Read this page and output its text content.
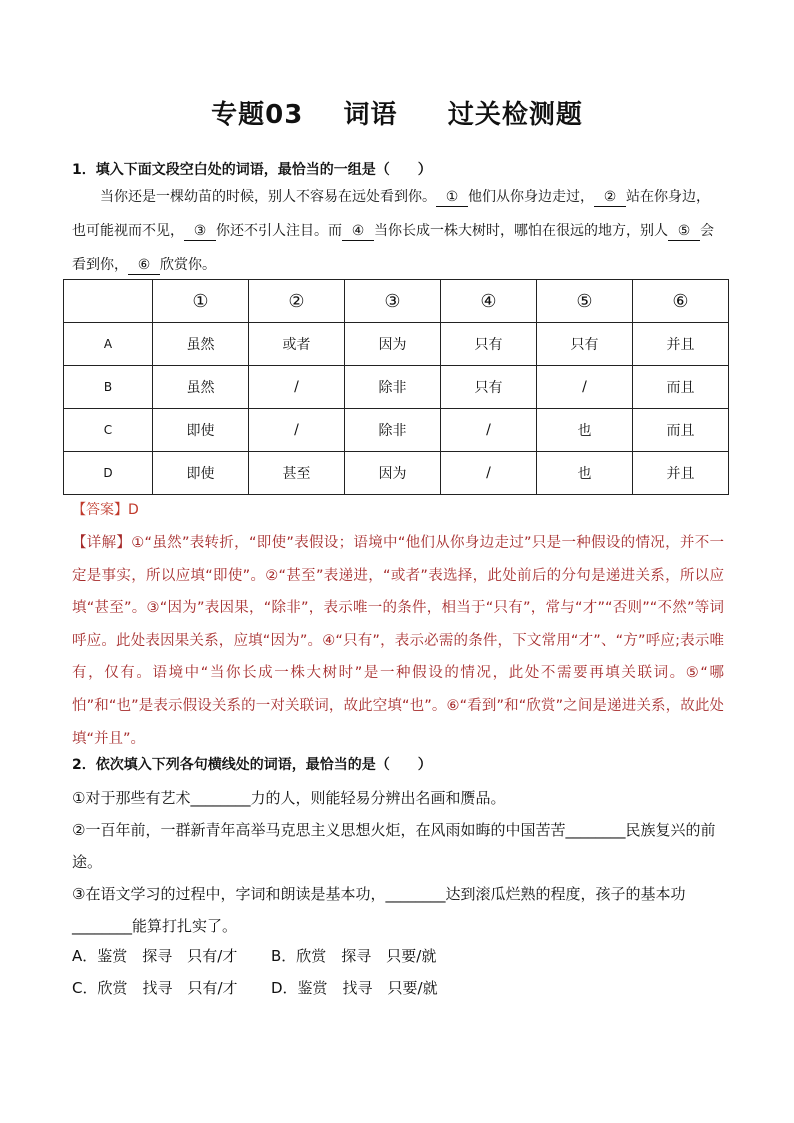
专题03    词语     过关检测题
1．填入下面文段空白处的词语，最恰当的一组是（　　）
当你还是一棵幼苗的时候，别人不容易在远处看到你。 ① 他们从你身边走过， ② 站在你身边， 也可能视而不见， ③ 你还不引人注目。而 ④ 当你长成一株大树时，哪怕在很远的地方，别人 ⑤ 会看到你， ⑥ 欣赏你。
	①	②	③	④	⑤	⑥
A	虽然	或者	因为	只有	只有	并且
B	虽然	/	除非	只有	/	而且
C	即使	/	除非	/	也	而且
D	即使	甚至	因为	/	也	并且
【答案】D
【详解】①“虽然”表转折，“即使”表假设；语境中“他们从你身边走过”只是一种假设的情况，并不一定是事实，所以应填“即使”。②“甚至”表递进，“或者”表选择，此处前后的分句是递进关系，所以应填“甚至”。③“因为”表因果，“除非”，表示唯一的条件，相当于“只有”，常与“才”“否则”“不然”等词呼应。此处表因果关系，应填“因为”。④“只有”，表示必需的条件，下文常用“才”、“方”呼应;表示唯有，仅有。语境中“当你长成一株大树时”是一种假设的情况，此处不需要再填关联词。⑤“哪怕”和“也”是表示假设关系的一对关联词，故此空填“也”。⑥“看到”和“欣赏”之间是递进关系，故此处填“并且”。
2．依次填入下列各句横线处的词语，最恰当的是（　　）
①对于那些有艺术________力的人，则能轻易分辨出名画和赝品。
②一百年前，一群新青年高举马克思主义思想火炬，在风雨如晦的中国苦苦________民族复兴的前途。
③在语文学习的过程中，字词和朗读是基本功，________达到滚瓜烂熟的程度，孩子的基本功________能算打扎实了。
A．鉴赏　探寻　只有/才 B．欣赏　探寻　只要/就
C．欣赏　找寻　只有/才 D．鉴赏　找寻　只要/就
